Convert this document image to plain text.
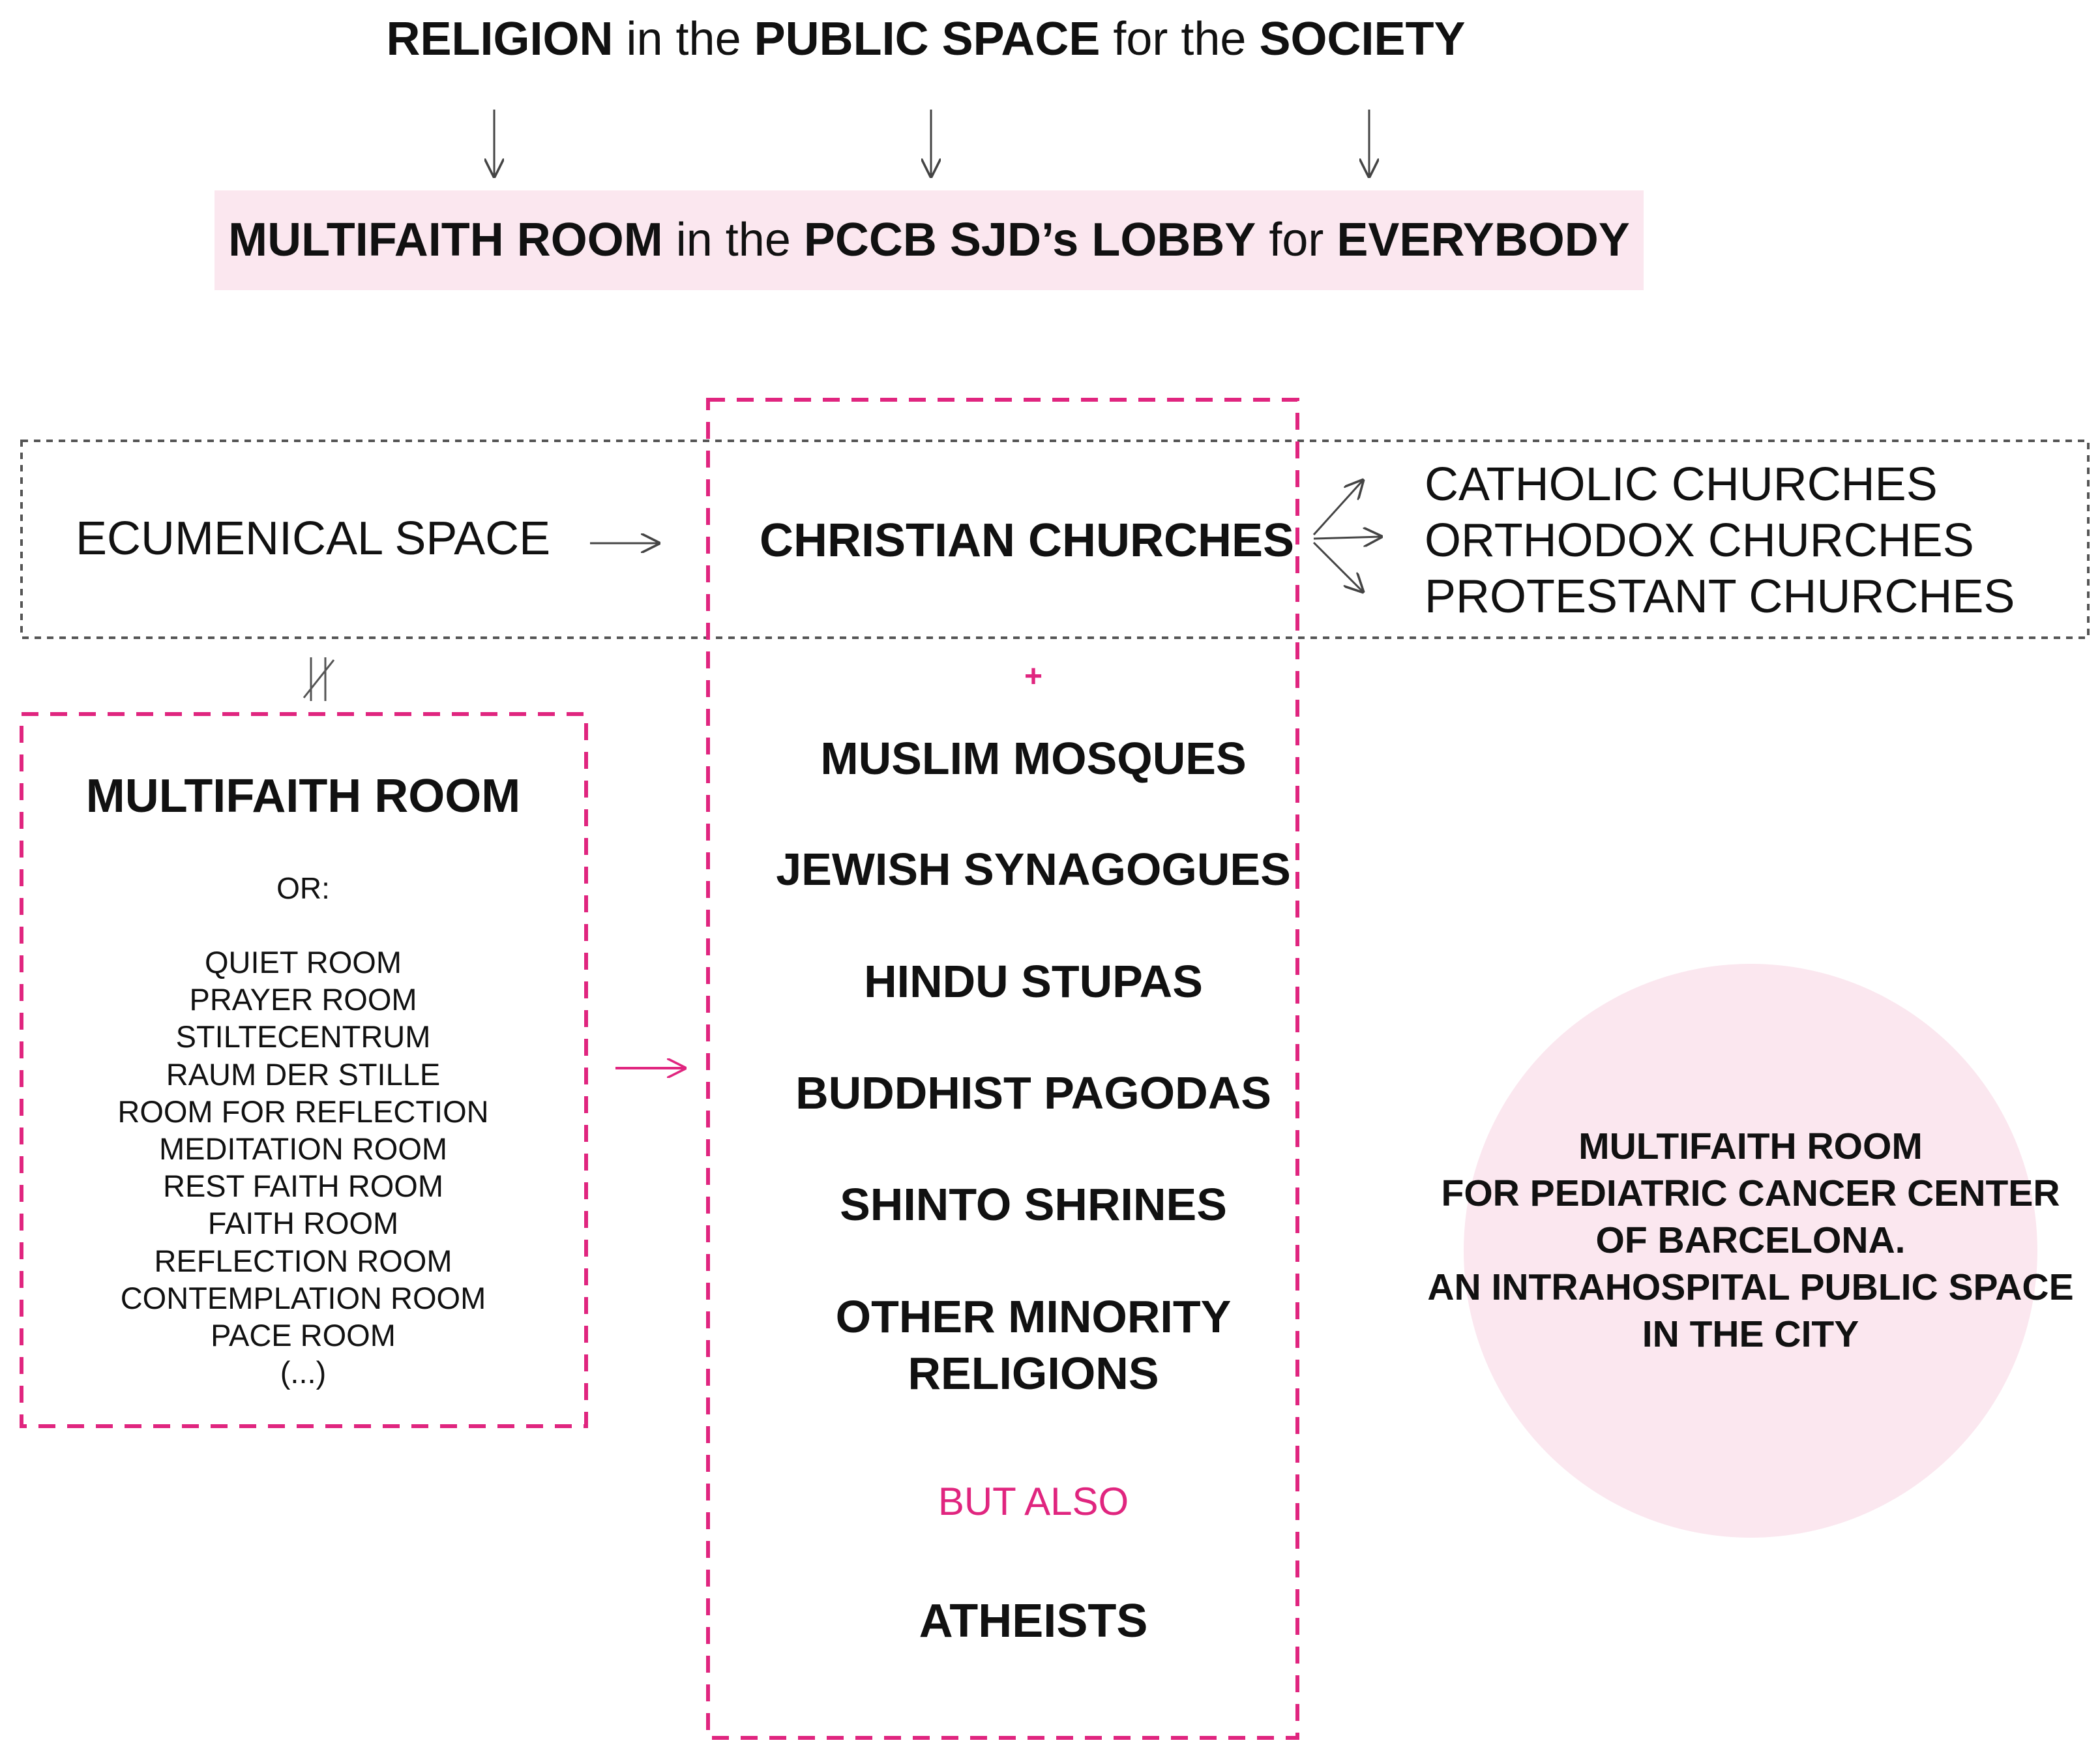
RELIGION in the PUBLIC SPACE for the SOCIETY
MULTIFAITH ROOM in the PCCB SJD’s LOBBY for EVERYBODY
ECUMENICAL SPACE	CHRISTIAN CHURCHES
CATHOLIC CHURCHES
ORTHODOX CHURCHES
PROTESTANT CHURCHES
MULTIFAITH ROOM
OR:
QUIET ROOM
PRAYER ROOM
STILTECENTRUM
RAUM DER STILLE
ROOM FOR REFLECTION
MEDITATION ROOM
REST FAITH ROOM
FAITH ROOM
REFLECTION ROOM
CONTEMPLATION ROOM
PACE ROOM
(...)
+
MUSLIM MOSQUES
JEWISH SYNAGOGUES
HINDU STUPAS
BUDDHIST PAGODAS
SHINTO SHRINES
OTHER MINORITY
RELIGIONS
BUT ALSO
ATHEISTS
MULTIFAITH ROOM
FOR PEDIATRIC CANCER CENTER
OF BARCELONA.
AN INTRAHOSPITAL PUBLIC SPACE
IN THE CITY
